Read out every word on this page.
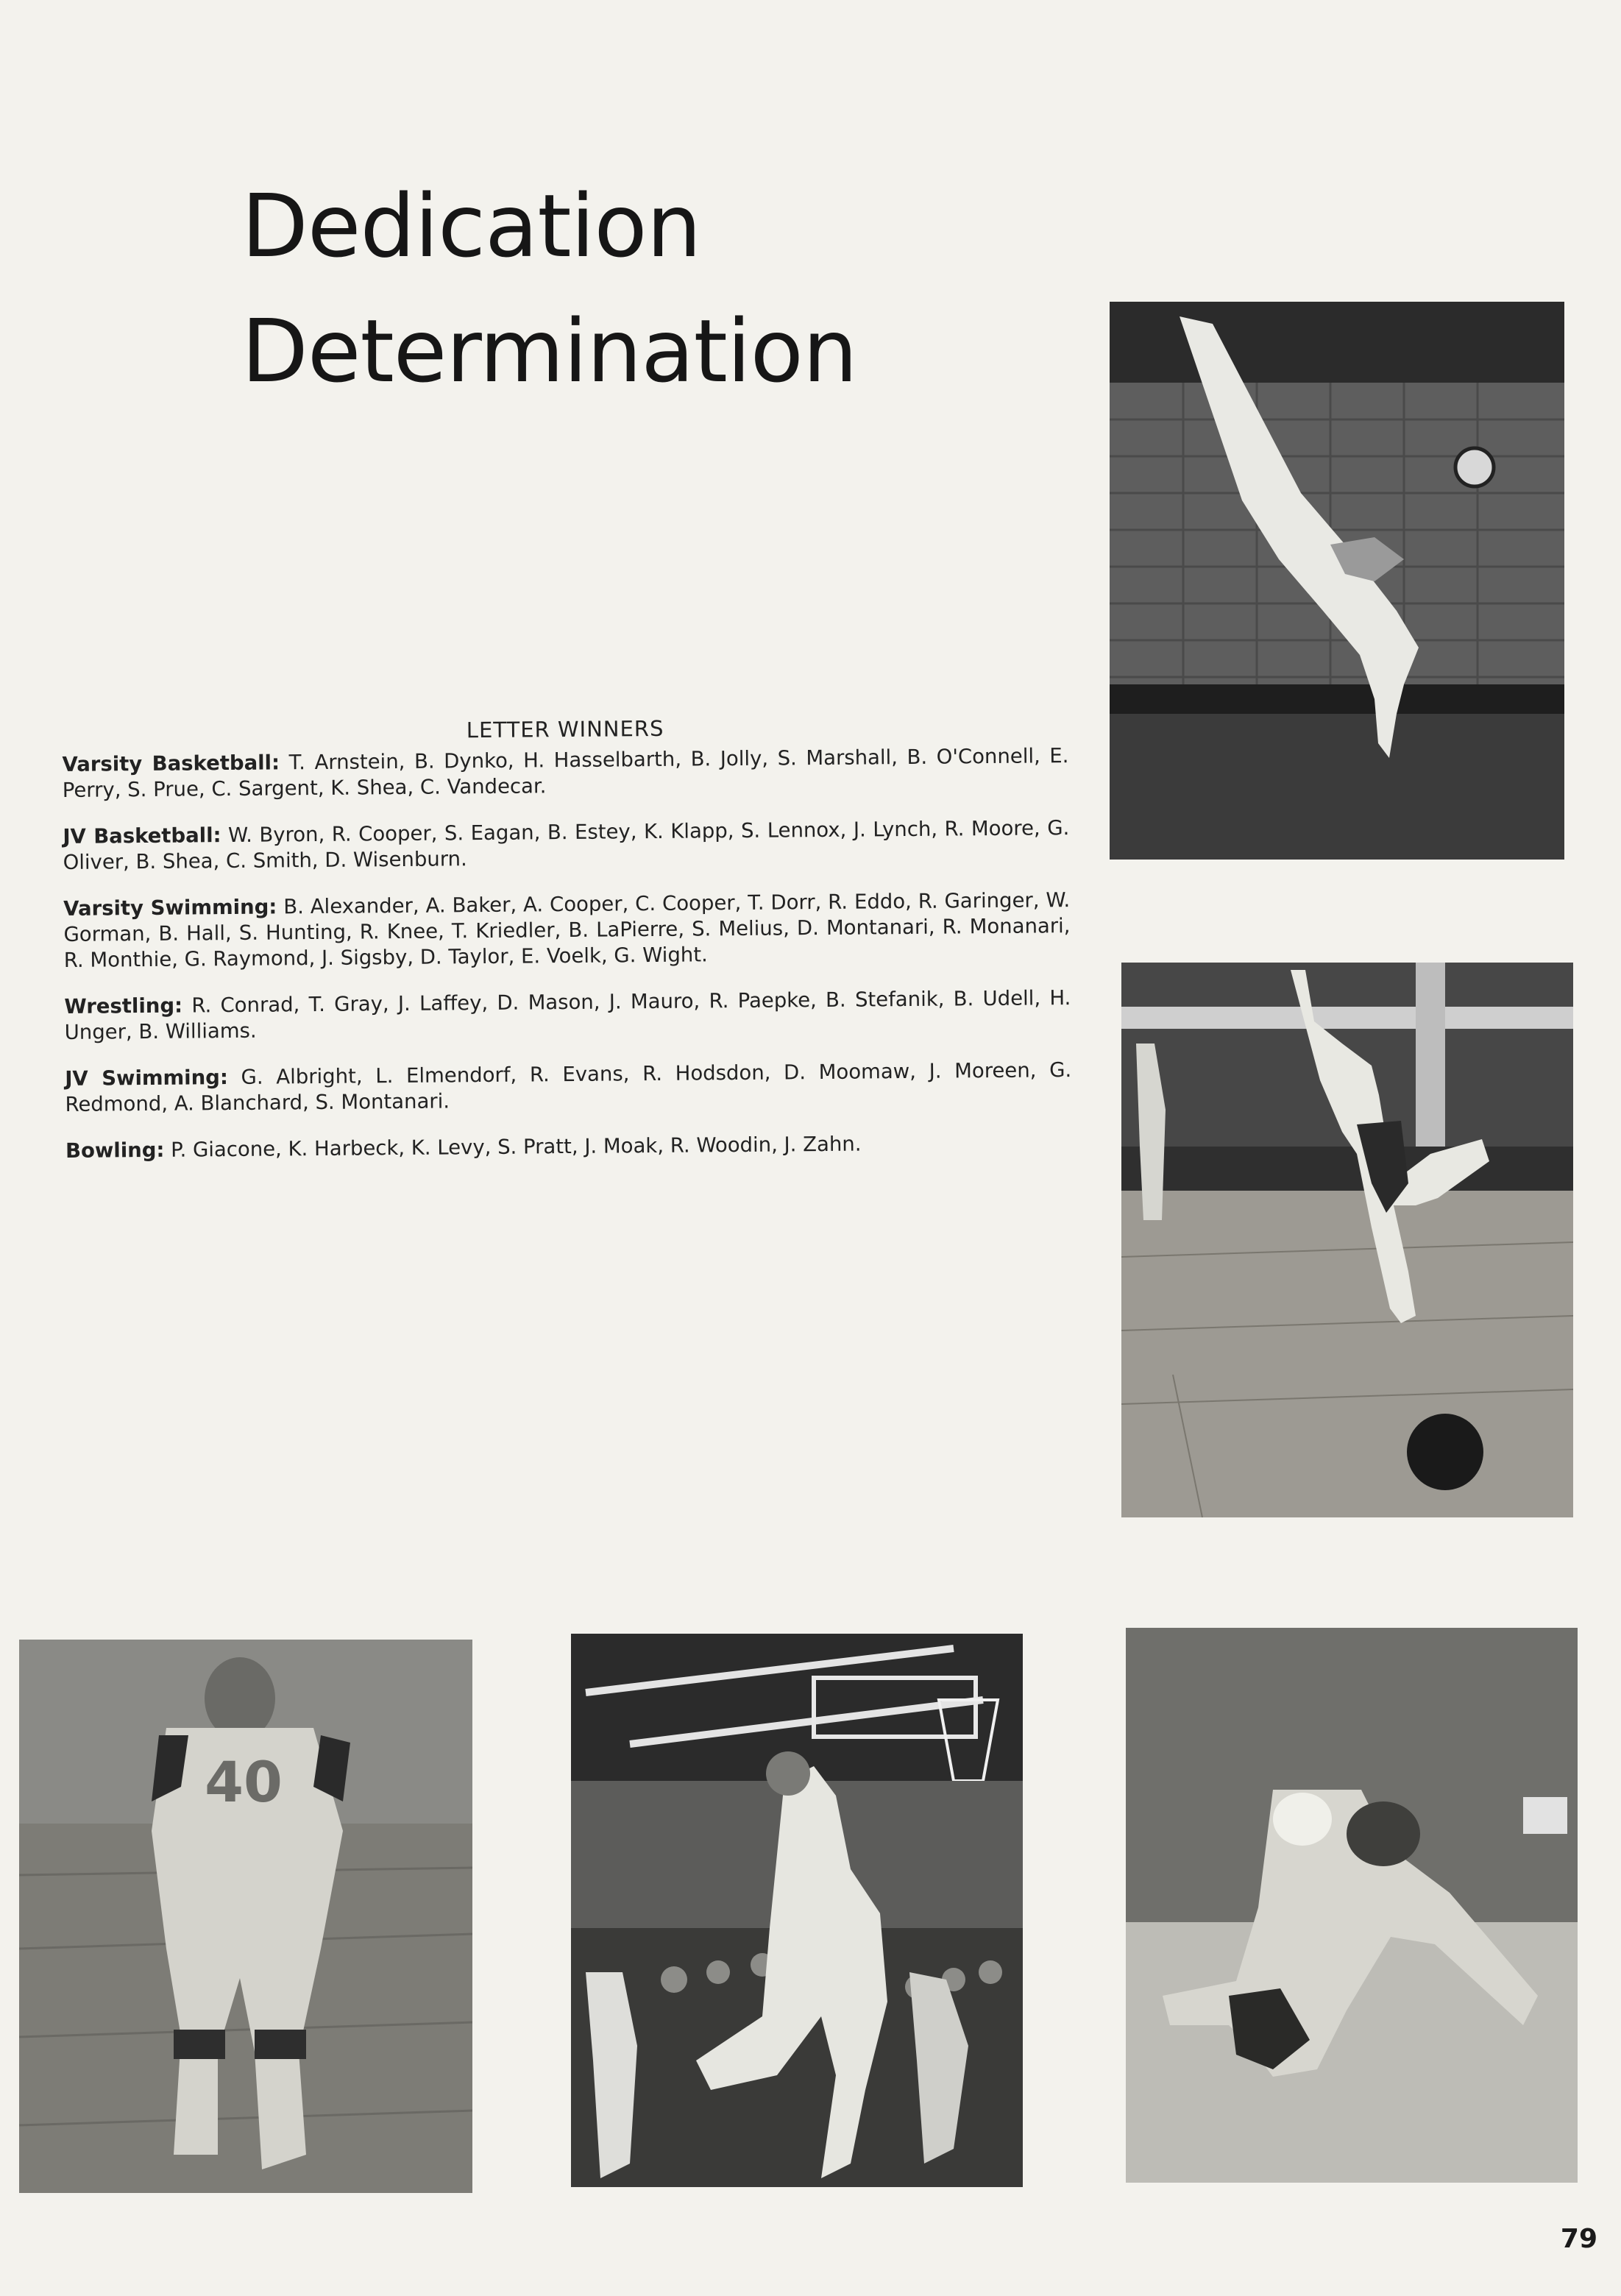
Dedication
Determination
LETTER WINNERS

Varsity Basketball: T. Arnstein, B. Dynko, H. Hasselbarth, B. Jolly, S. Marshall, B. O'Connell, E. Perry, S. Prue, C. Sargent, K. Shea, C. Vandecar.

JV Basketball: W. Byron, R. Cooper, S. Eagan, B. Estey, K. Klapp, S. Lennox, J. Lynch, R. Moore, G. Oliver, B. Shea, C. Smith, D. Wisenburn.

Varsity Swimming: B. Alexander, A. Baker, A. Cooper, C. Cooper, T. Dorr, R. Eddo, R. Garinger, W. Gorman, B. Hall, S. Hunting, R. Knee, T. Kriedler, B. LaPierre, S. Melius, D. Montanari, R. Monanari, R. Monthie, G. Raymond, J. Sigsby, D. Taylor, E. Voelk, G. Wight.

Wrestling: R. Conrad, T. Gray, J. Laffey, D. Mason, J. Mauro, R. Paepke, B. Stefanik, B. Udell, H. Unger, B. Williams.

JV Swimming: G. Albright, L. Elmendorf, R. Evans, R. Hodsdon, D. Moomaw, J. Moreen, G. Redmond, A. Blanchard, S. Montanari.

Bowling: P. Giacone, K. Harbeck, K. Levy, S. Pratt, J. Moak, R. Woodin, J. Zahn.

40
79
